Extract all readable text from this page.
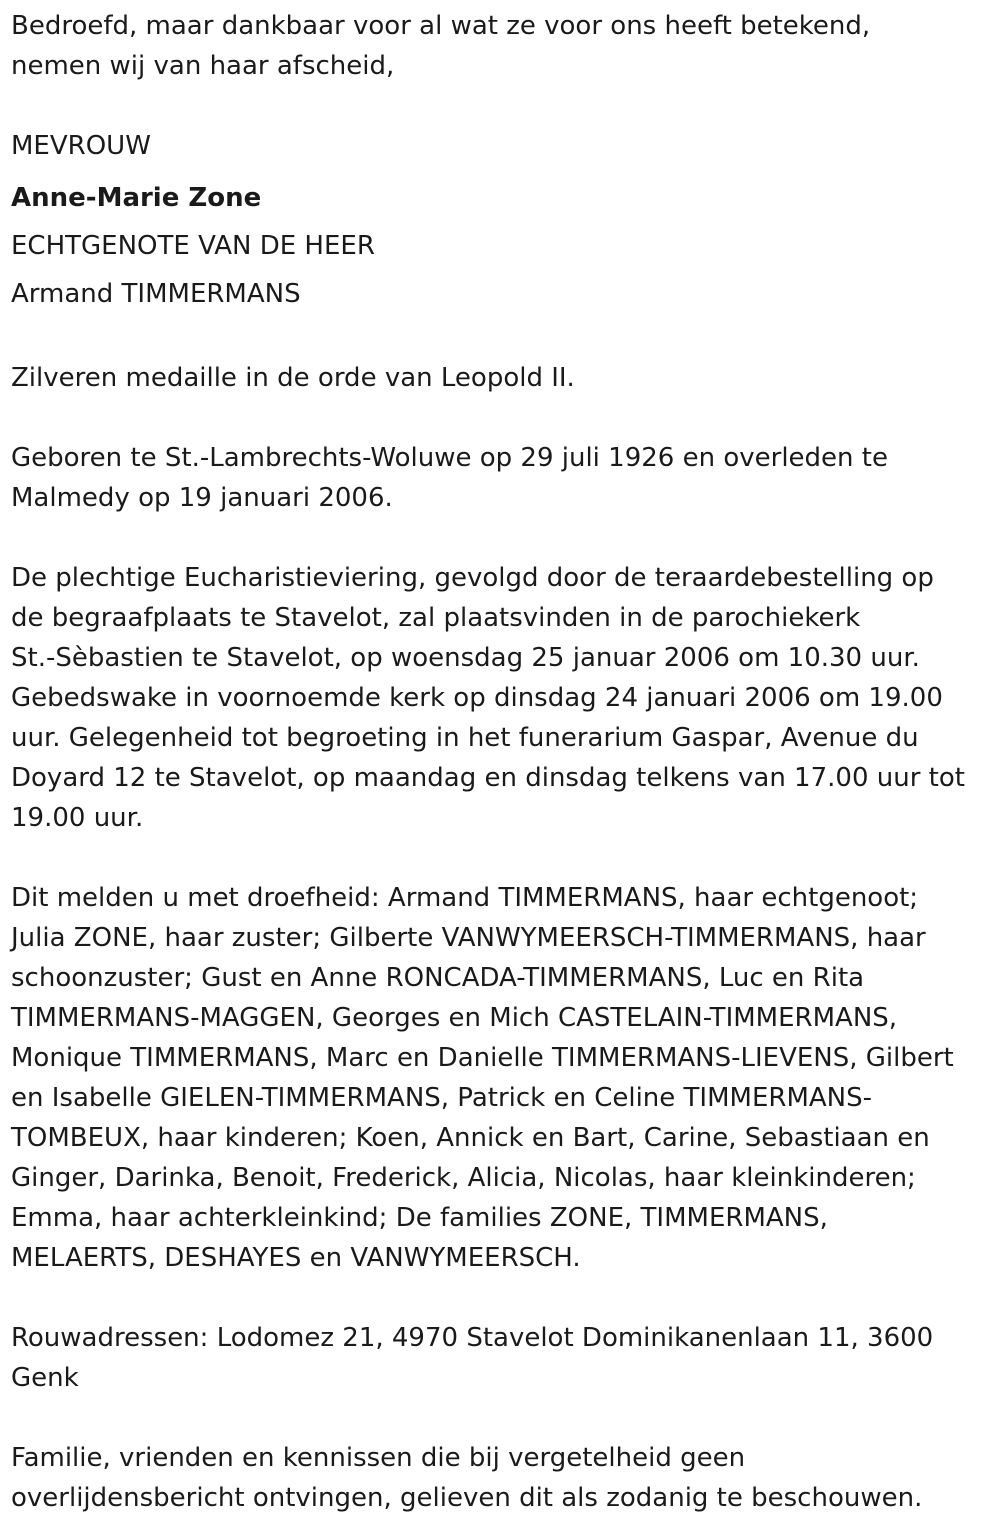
Bedroefd, maar dankbaar voor al wat ze voor ons heeft betekend,
nemen wij van haar afscheid,
MEVROUW
Anne-Marie Zone
ECHTGENOTE VAN DE HEER
Armand TIMMERMANS
Zilveren medaille in de orde van Leopold II.
Geboren te St.-Lambrechts-Woluwe op 29 juli 1926 en overleden te
Malmedy op 19 januari 2006.
De plechtige Eucharistieviering, gevolgd door de teraardebestelling op
de begraafplaats te Stavelot, zal plaatsvinden in de parochiekerk
St.-Sèbastien te Stavelot, op woensdag 25 januar 2006 om 10.30 uur.
Gebedswake in voornoemde kerk op dinsdag 24 januari 2006 om 19.00
uur. Gelegenheid tot begroeting in het funerarium Gaspar, Avenue du
Doyard 12 te Stavelot, op maandag en dinsdag telkens van 17.00 uur tot
19.00 uur.
Dit melden u met droefheid: Armand TIMMERMANS, haar echtgenoot;
Julia ZONE, haar zuster; Gilberte VANWYMEERSCH-TIMMERMANS, haar
schoonzuster; Gust en Anne RONCADA-TIMMERMANS, Luc en Rita
TIMMERMANS-MAGGEN, Georges en Mich CASTELAIN-TIMMERMANS,
Monique TIMMERMANS, Marc en Danielle TIMMERMANS-LIEVENS, Gilbert
en Isabelle GIELEN-TIMMERMANS, Patrick en Celine TIMMERMANS-
TOMBEUX, haar kinderen; Koen, Annick en Bart, Carine, Sebastiaan en
Ginger, Darinka, Benoit, Frederick, Alicia, Nicolas, haar kleinkinderen;
Emma, haar achterkleinkind; De families ZONE, TIMMERMANS,
MELAERTS, DESHAYES en VANWYMEERSCH.
Rouwadressen: Lodomez 21, 4970 Stavelot Dominikanenlaan 11, 3600
Genk
Familie, vrienden en kennissen die bij vergetelheid geen
overlijdensbericht ontvingen, gelieven dit als zodanig te beschouwen.
